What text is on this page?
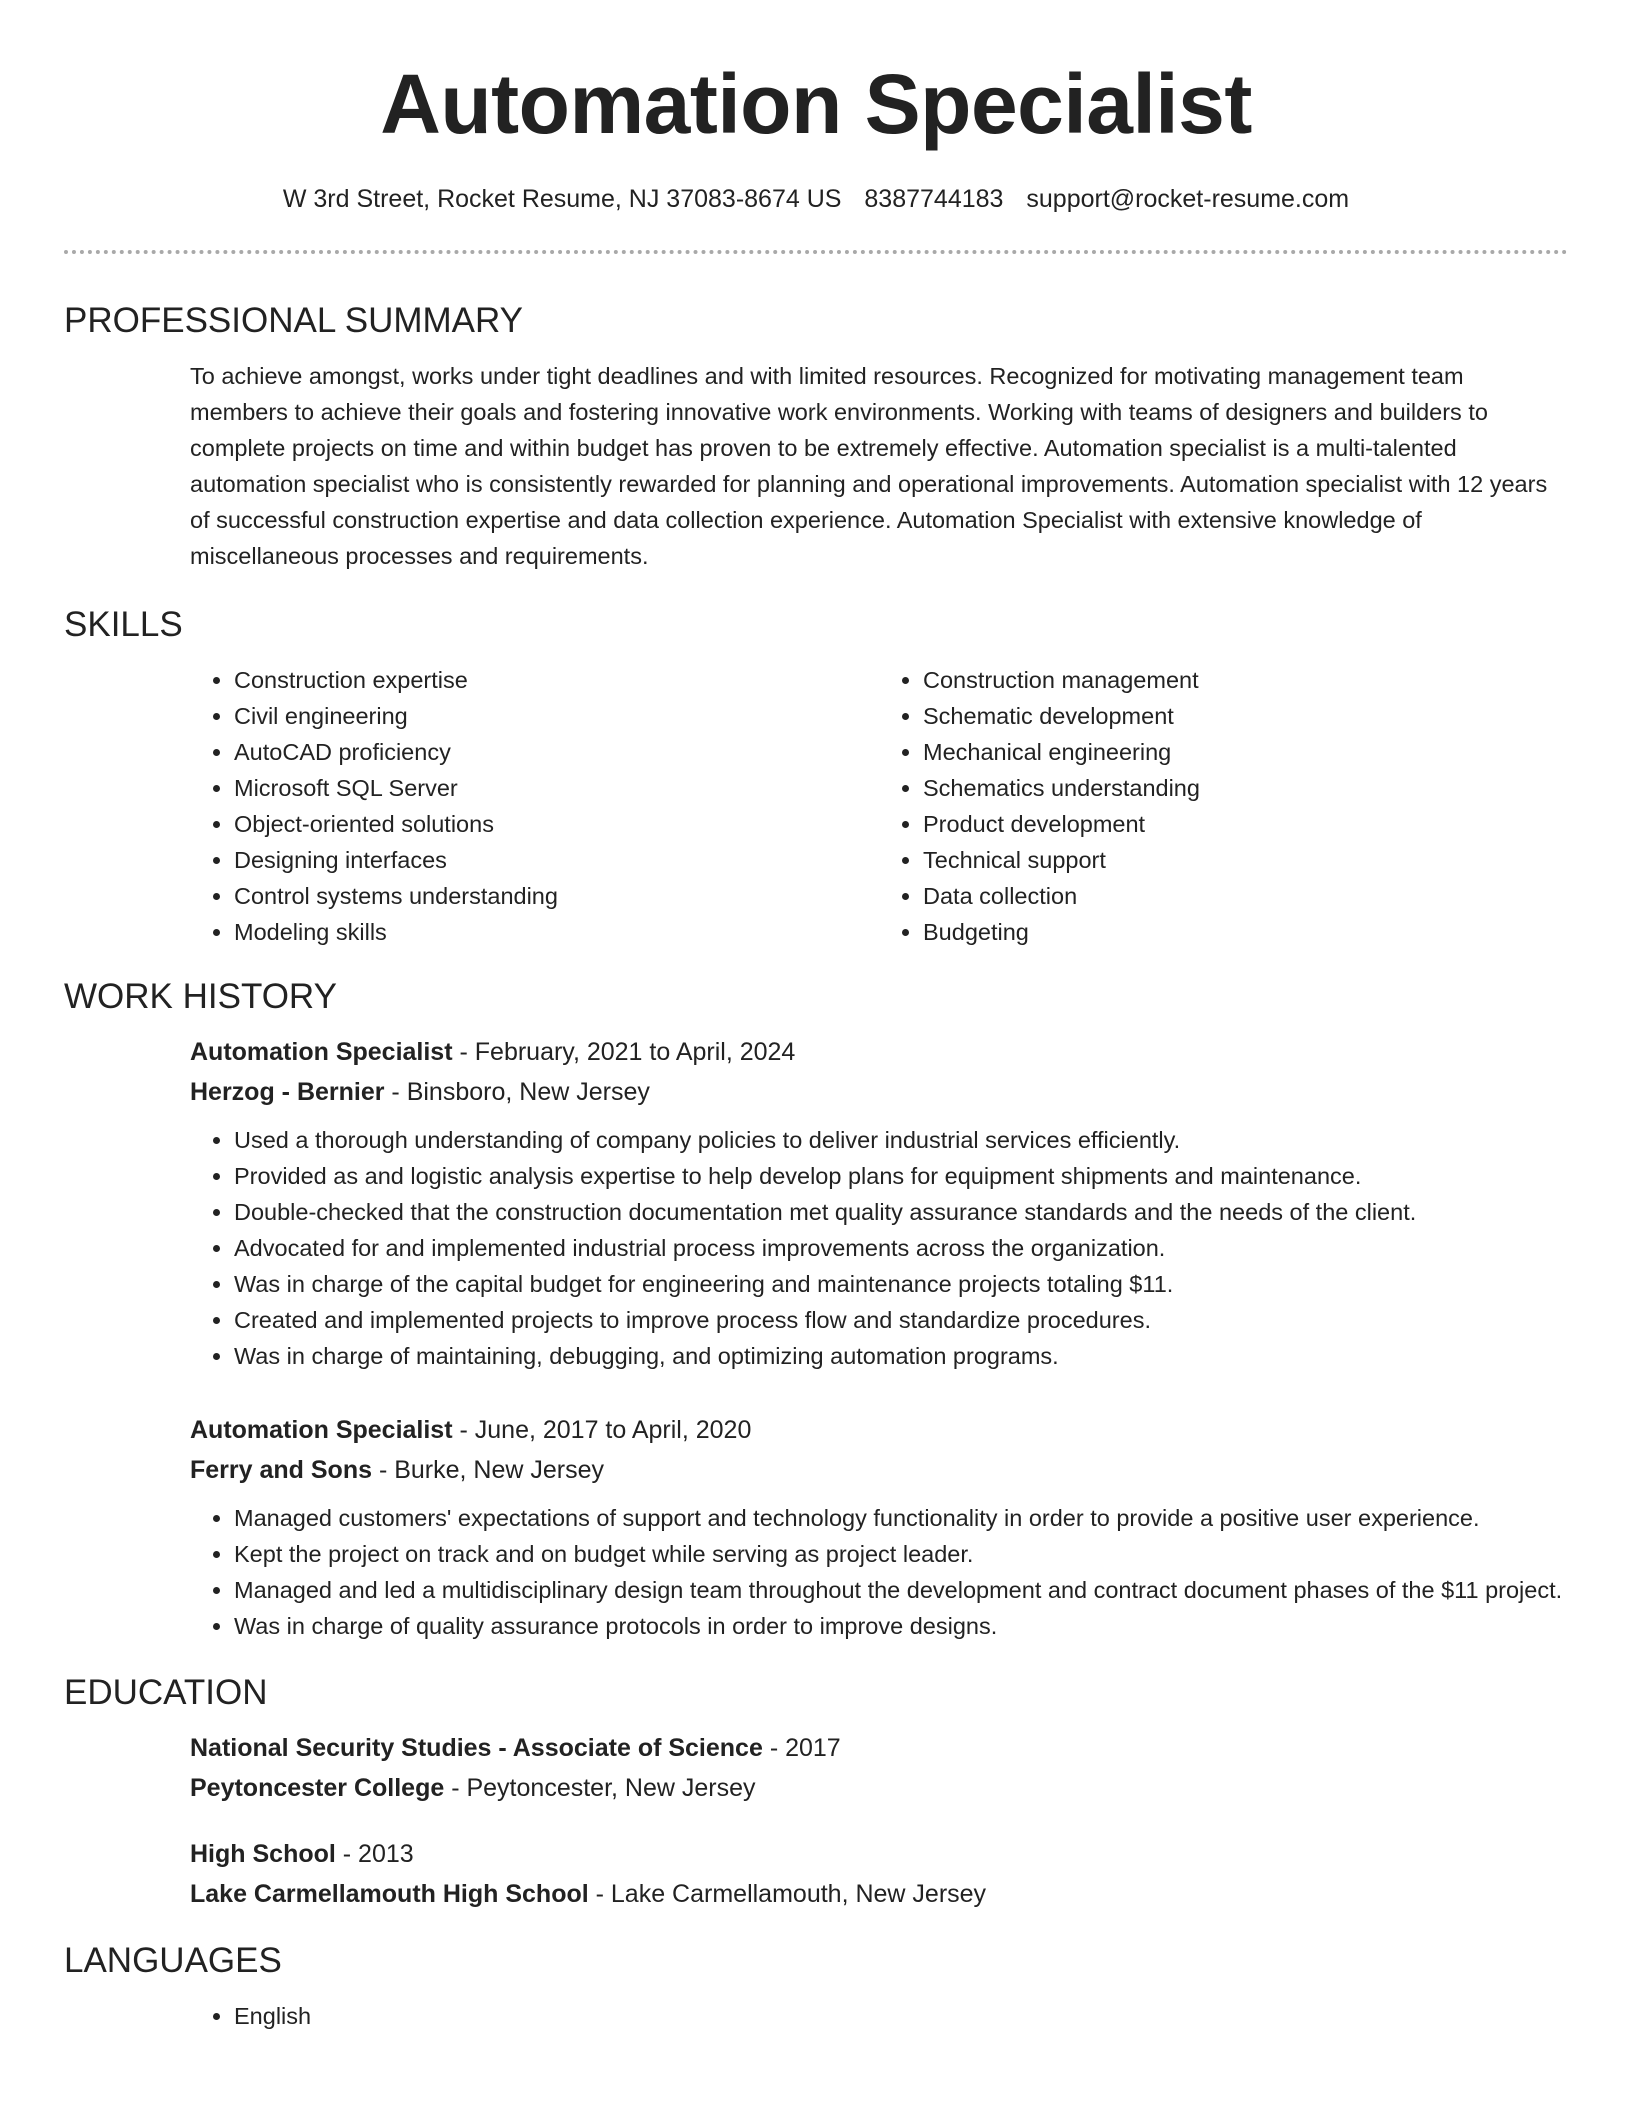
Automation Specialist
W 3rd Street, Rocket Resume, NJ 37083-8674 US 8387744183 support@rocket-resume.com
PROFESSIONAL SUMMARY
To achieve amongst, works under tight deadlines and with limited resources. Recognized for motivating management team members to achieve their goals and fostering innovative work environments. Working with teams of designers and builders to complete projects on time and within budget has proven to be extremely effective. Automation specialist is a multi-talented automation specialist who is consistently rewarded for planning and operational improvements. Automation specialist with 12 years of successful construction expertise and data collection experience. Automation Specialist with extensive knowledge of miscellaneous processes and requirements.
SKILLS
• Construction expertise
• Civil engineering
• AutoCAD proficiency
• Microsoft SQL Server
• Object-oriented solutions
• Designing interfaces
• Control systems understanding
• Modeling skills
• Construction management
• Schematic development
• Mechanical engineering
• Schematics understanding
• Product development
• Technical support
• Data collection
• Budgeting
WORK HISTORY
Automation Specialist - February, 2021 to April, 2024
Herzog - Bernier - Binsboro, New Jersey
• Used a thorough understanding of company policies to deliver industrial services efficiently.
• Provided as and logistic analysis expertise to help develop plans for equipment shipments and maintenance.
• Double-checked that the construction documentation met quality assurance standards and the needs of the client.
• Advocated for and implemented industrial process improvements across the organization.
• Was in charge of the capital budget for engineering and maintenance projects totaling $11.
• Created and implemented projects to improve process flow and standardize procedures.
• Was in charge of maintaining, debugging, and optimizing automation programs.
Automation Specialist - June, 2017 to April, 2020
Ferry and Sons - Burke, New Jersey
• Managed customers' expectations of support and technology functionality in order to provide a positive user experience.
• Kept the project on track and on budget while serving as project leader.
• Managed and led a multidisciplinary design team throughout the development and contract document phases of the $11 project.
• Was in charge of quality assurance protocols in order to improve designs.
EDUCATION
National Security Studies - Associate of Science - 2017
Peytoncester College - Peytoncester, New Jersey
High School - 2013
Lake Carmellamouth High School - Lake Carmellamouth, New Jersey
LANGUAGES
• English
